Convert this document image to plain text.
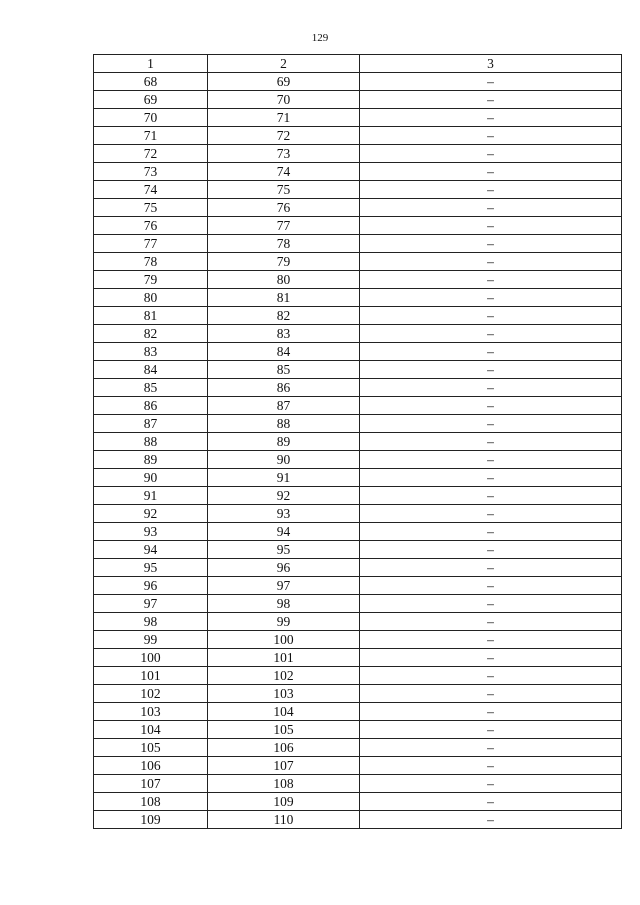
129
1	2	3
68	69	–
69	70	–
70	71	–
71	72	–
72	73	–
73	74	–
74	75	–
75	76	–
76	77	–
77	78	–
78	79	–
79	80	–
80	81	–
81	82	–
82	83	–
83	84	–
84	85	–
85	86	–
86	87	–
87	88	–
88	89	–
89	90	–
90	91	–
91	92	–
92	93	–
93	94	–
94	95	–
95	96	–
96	97	–
97	98	–
98	99	–
99	100	–
100	101	–
101	102	–
102	103	–
103	104	–
104	105	–
105	106	–
106	107	–
107	108	–
108	109	–
109	110	–
